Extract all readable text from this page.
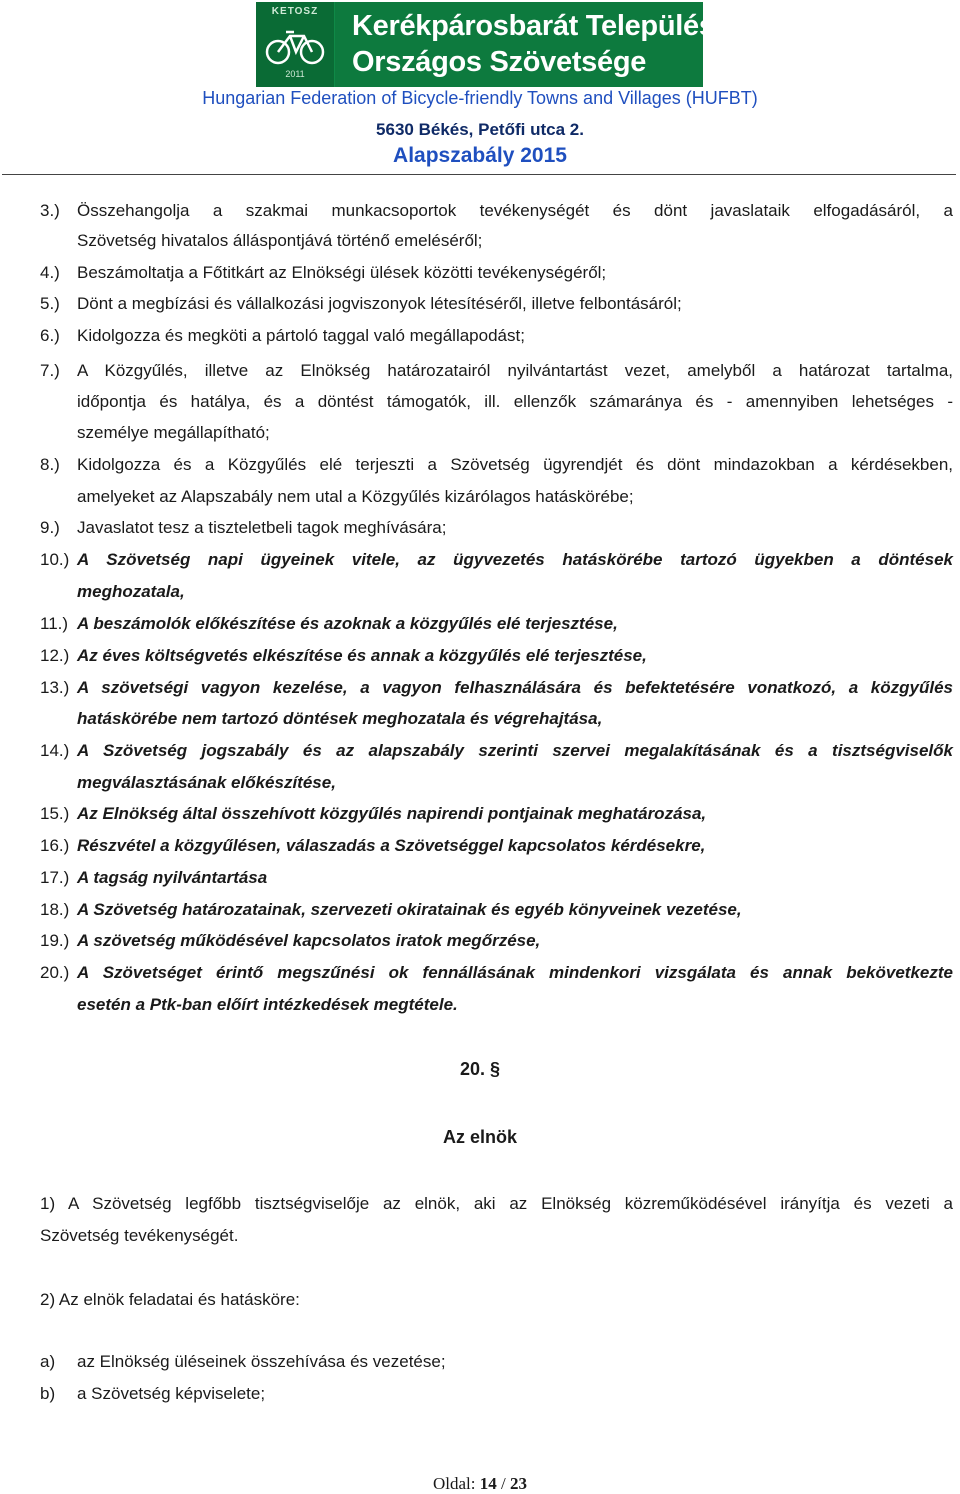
KETOSZ
2011
Kerékpárosbarát Települések
Országos Szövetsége
Hungarian Federation of Bicycle-friendly Towns and Villages (HUFBT)
5630 Békés, Petőfi utca 2.
Alapszabály 2015
3.) Összehangolja a szakmai munkacsoportok tevékenységét és dönt javaslataik elfogadásáról, a
Szövetség hivatalos álláspontjává történő emeléséről;
4.) Beszámoltatja a Főtitkárt az Elnökségi ülések közötti tevékenységéről;
5.) Dönt a megbízási és vállalkozási jogviszonyok létesítéséről, illetve felbontásáról;
6.) Kidolgozza és megköti a pártoló taggal való megállapodást;
7.) A Közgyűlés, illetve az Elnökség határozatairól nyilvántartást vezet, amelyből a határozat tartalma,
időpontja és hatálya, és a döntést támogatók, ill. ellenzők számaránya és - amennyiben lehetséges -
személye megállapítható;
8.) Kidolgozza és a Közgyűlés elé terjeszti a Szövetség ügyrendjét és dönt mindazokban a kérdésekben,
amelyeket az Alapszabály nem utal a Közgyűlés kizárólagos hatáskörébe;
9.) Javaslatot tesz a tiszteletbeli tagok meghívására;
10.) A Szövetség napi ügyeinek vitele, az ügyvezetés hatáskörébe tartozó ügyekben a döntések
meghozatala,
11.) A beszámolók előkészítése és azoknak a közgyűlés elé terjesztése,
12.) Az éves költségvetés elkészítése és annak a közgyűlés elé terjesztése,
13.) A szövetségi vagyon kezelése, a vagyon felhasználására és befektetésére vonatkozó, a közgyűlés
hatáskörébe nem tartozó döntések meghozatala és végrehajtása,
14.) A Szövetség jogszabály és az alapszabály szerinti szervei megalakításának és a tisztségviselők
megválasztásának előkészítése,
15.) Az Elnökség által összehívott közgyűlés napirendi pontjainak meghatározása,
16.) Részvétel a közgyűlésen, válaszadás a Szövetséggel kapcsolatos kérdésekre,
17.) A tagság nyilvántartása
18.) A Szövetség határozatainak, szervezeti okiratainak és egyéb könyveinek vezetése,
19.) A szövetség működésével kapcsolatos iratok megőrzése,
20.) A Szövetséget érintő megszűnési ok fennállásának mindenkori vizsgálata és annak bekövetkezte
esetén a Ptk-ban előírt intézkedések megtétele.
20. §
Az elnök
1) A Szövetség legfőbb tisztségviselője az elnök, aki az Elnökség közreműködésével irányítja és vezeti a
Szövetség tevékenységét.
2) Az elnök feladatai és hatásköre:
a) az Elnökség üléseinek összehívása és vezetése;
b) a Szövetség képviselete;
Oldal: 14 / 23
